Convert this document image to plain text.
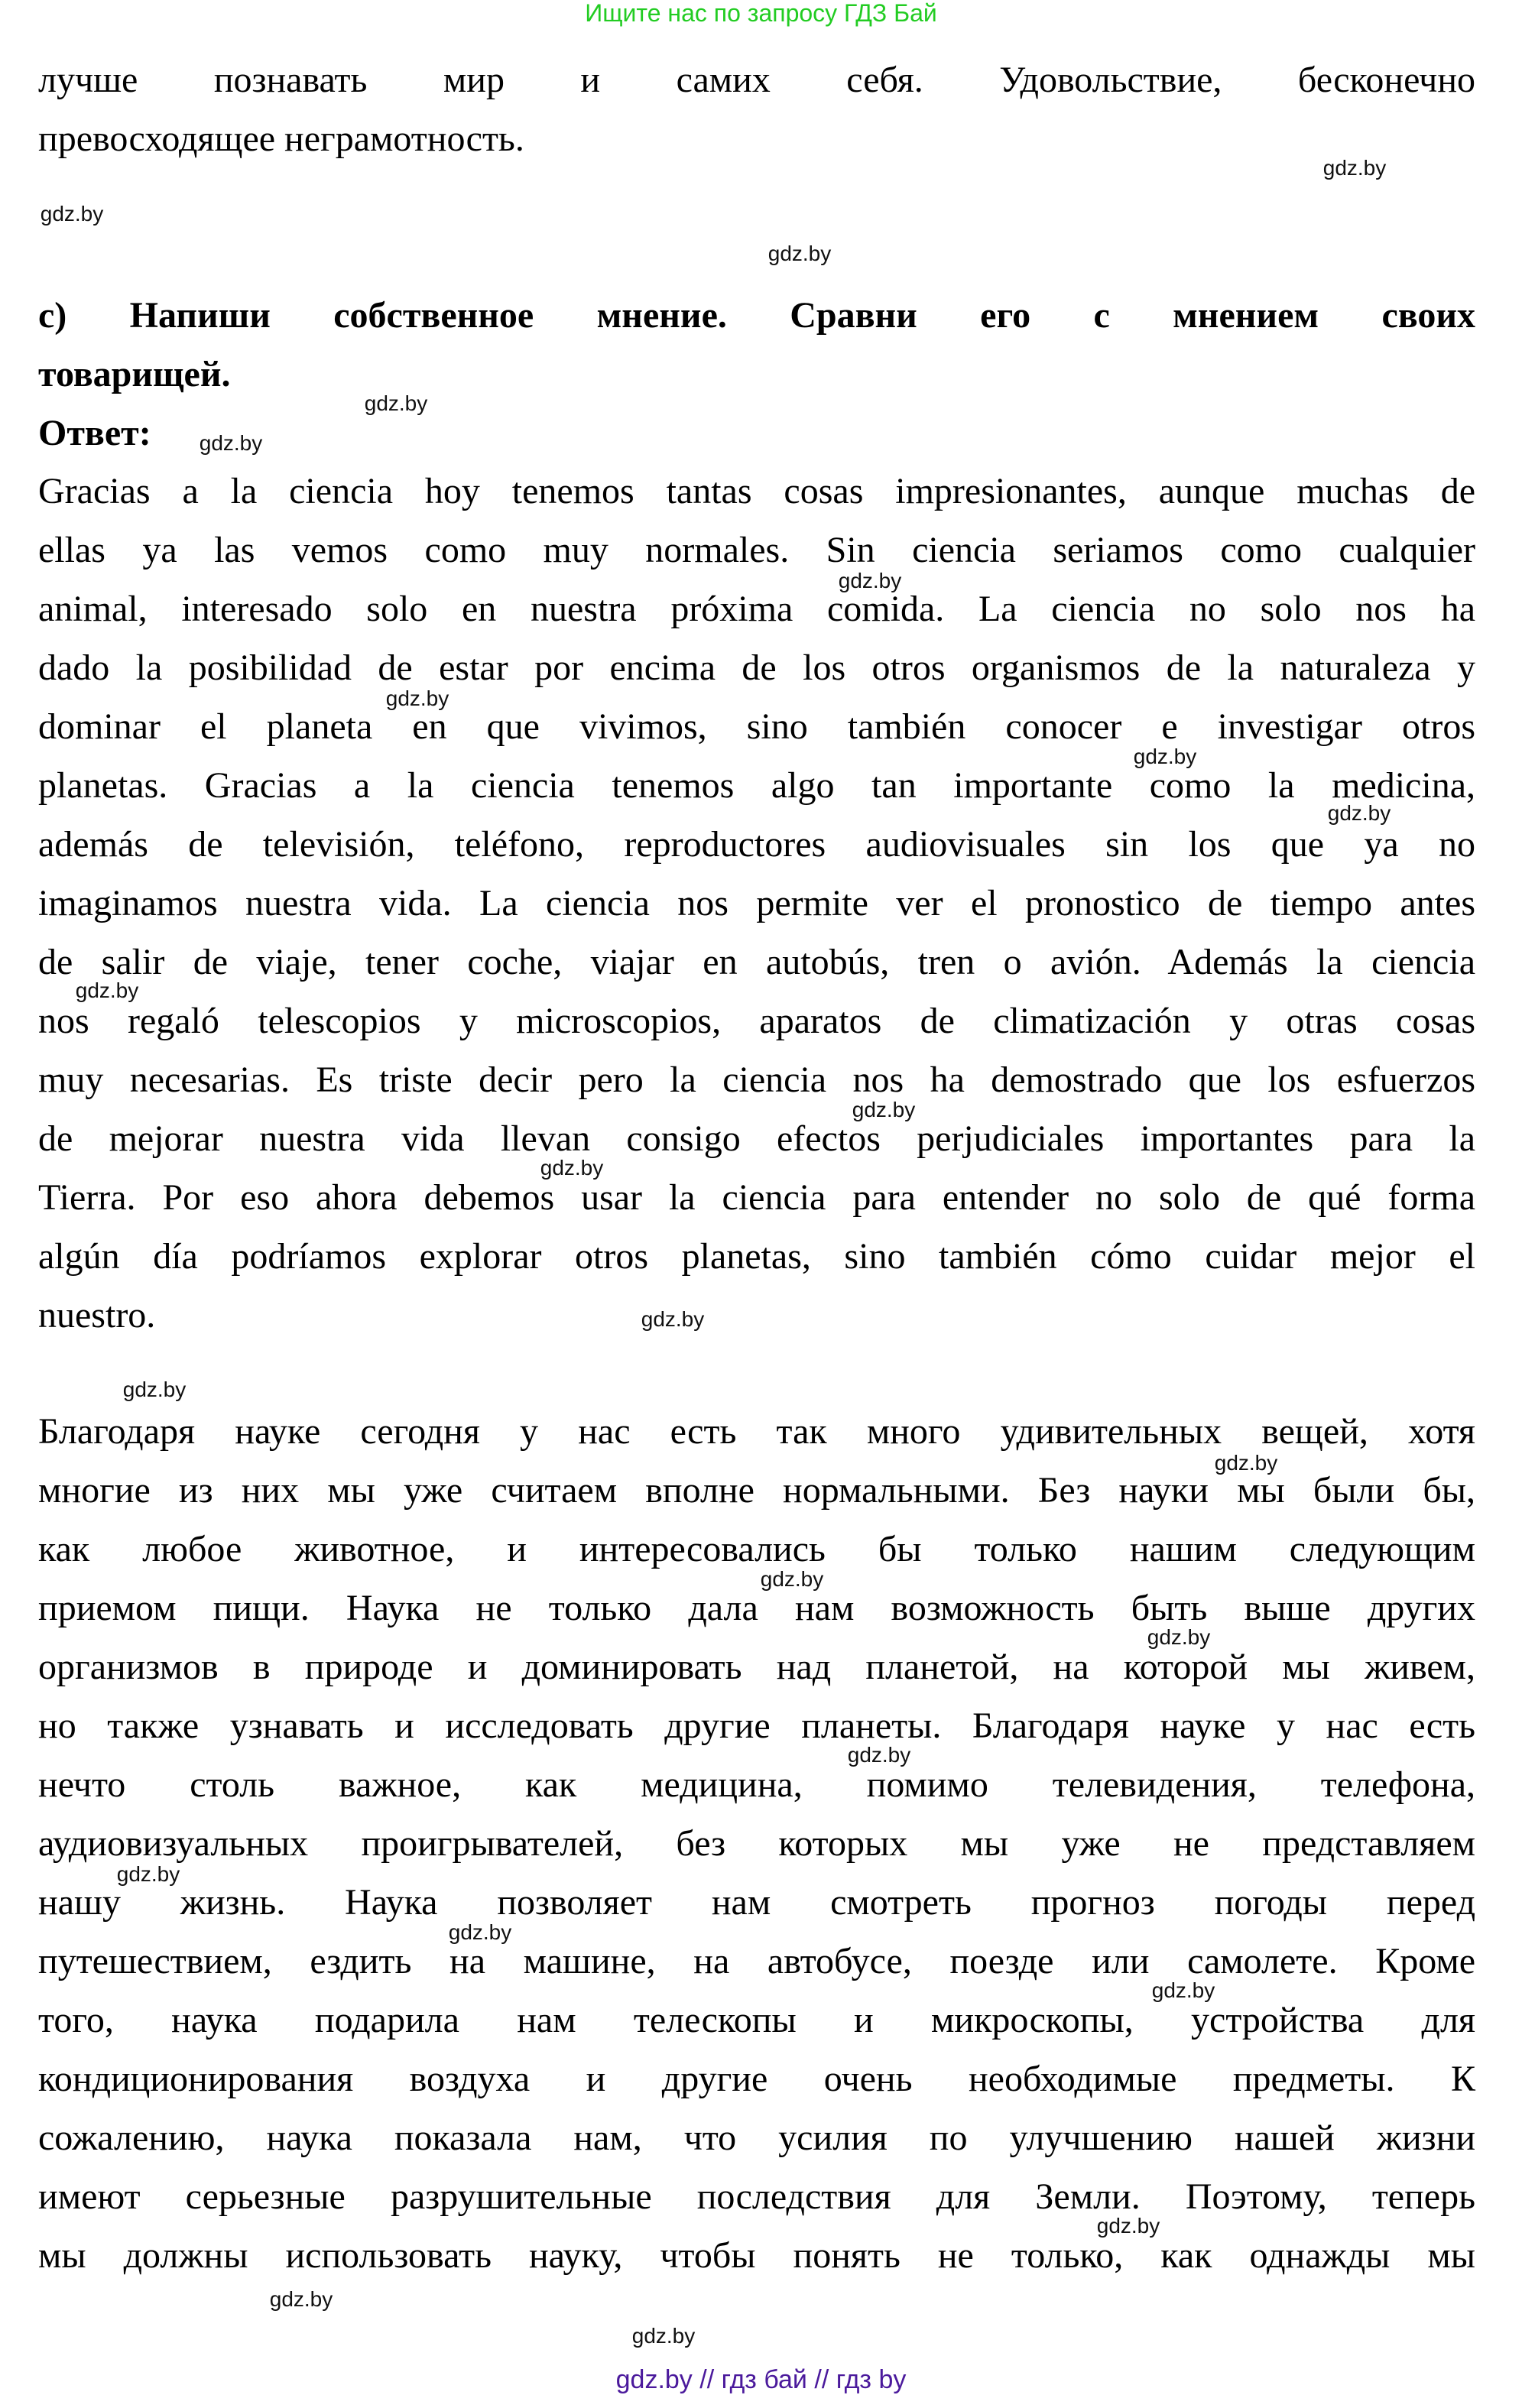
Ищите нас по запросу ГДЗ Бай
лучше познавать мир и самих себя. Удовольствие, бесконечно
превосходящее неграмотность.
c) Напиши собственное мнение. Сравни его с мнением своих
товарищей.
Ответ:
Gracias a la ciencia hoy tenemos tantas cosas impresionantes, aunque muchas de
ellas ya las vemos como muy normales. Sin ciencia seriamos como cualquier
animal, interesado solo en nuestra próxima comida. La ciencia no solo nos ha
dado la posibilidad de estar por encima de los otros organismos de la naturaleza y
dominar el planeta en que vivimos, sino también conocer e investigar otros
planetas. Gracias a la ciencia tenemos algo tan importante como la medicina,
además de televisión, teléfono, reproductores audiovisuales sin los que ya no
imaginamos nuestra vida. La ciencia nos permite ver el pronostico de tiempo antes
de salir de viaje, tener coche, viajar en autobús, tren o avión. Además la ciencia
nos regaló telescopios y microscopios, aparatos de climatización y otras cosas
muy necesarias. Es triste decir pero la ciencia nos ha demostrado que los esfuerzos
de mejorar nuestra vida llevan consigo efectos perjudiciales importantes para la
Tierra. Por eso ahora debemos usar la ciencia para entender no solo de qué forma
algún día podríamos explorar otros planetas, sino también cómo cuidar mejor el
nuestro.
Благодаря науке сегодня у нас есть так много удивительных вещей, хотя
многие из них мы уже считаем вполне нормальными. Без науки мы были бы,
как любое животное, и интересовались бы только нашим следующим
приемом пищи. Наука не только дала нам возможность быть выше других
организмов в природе и доминировать над планетой, на которой мы живем,
но также узнавать и исследовать другие планеты. Благодаря науке у нас есть
нечто столь важное, как медицина, помимо телевидения, телефона,
аудиовизуальных проигрывателей, без которых мы уже не представляем
нашу жизнь. Наука позволяет нам смотреть прогноз погоды перед
путешествием, ездить на машине, на автобусе, поезде или самолете. Кроме
того, наука подарила нам телескопы и микроскопы, устройства для
кондиционирования воздуха и другие очень необходимые предметы. К
сожалению, наука показала нам, что усилия по улучшению нашей жизни
имеют серьезные разрушительные последствия для Земли. Поэтому, теперь
мы должны использовать науку, чтобы понять не только, как однажды мы
gdz.by
gdz.by
gdz.by
gdz.by
gdz.by
gdz.by
gdz.by
gdz.by
gdz.by
gdz.by
gdz.by
gdz.by
gdz.by
gdz.by
gdz.by
gdz.by
gdz.by
gdz.by
gdz.by
gdz.by
gdz.by
gdz.by
gdz.by
gdz.by
gdz.by // гдз бай // гдз by
